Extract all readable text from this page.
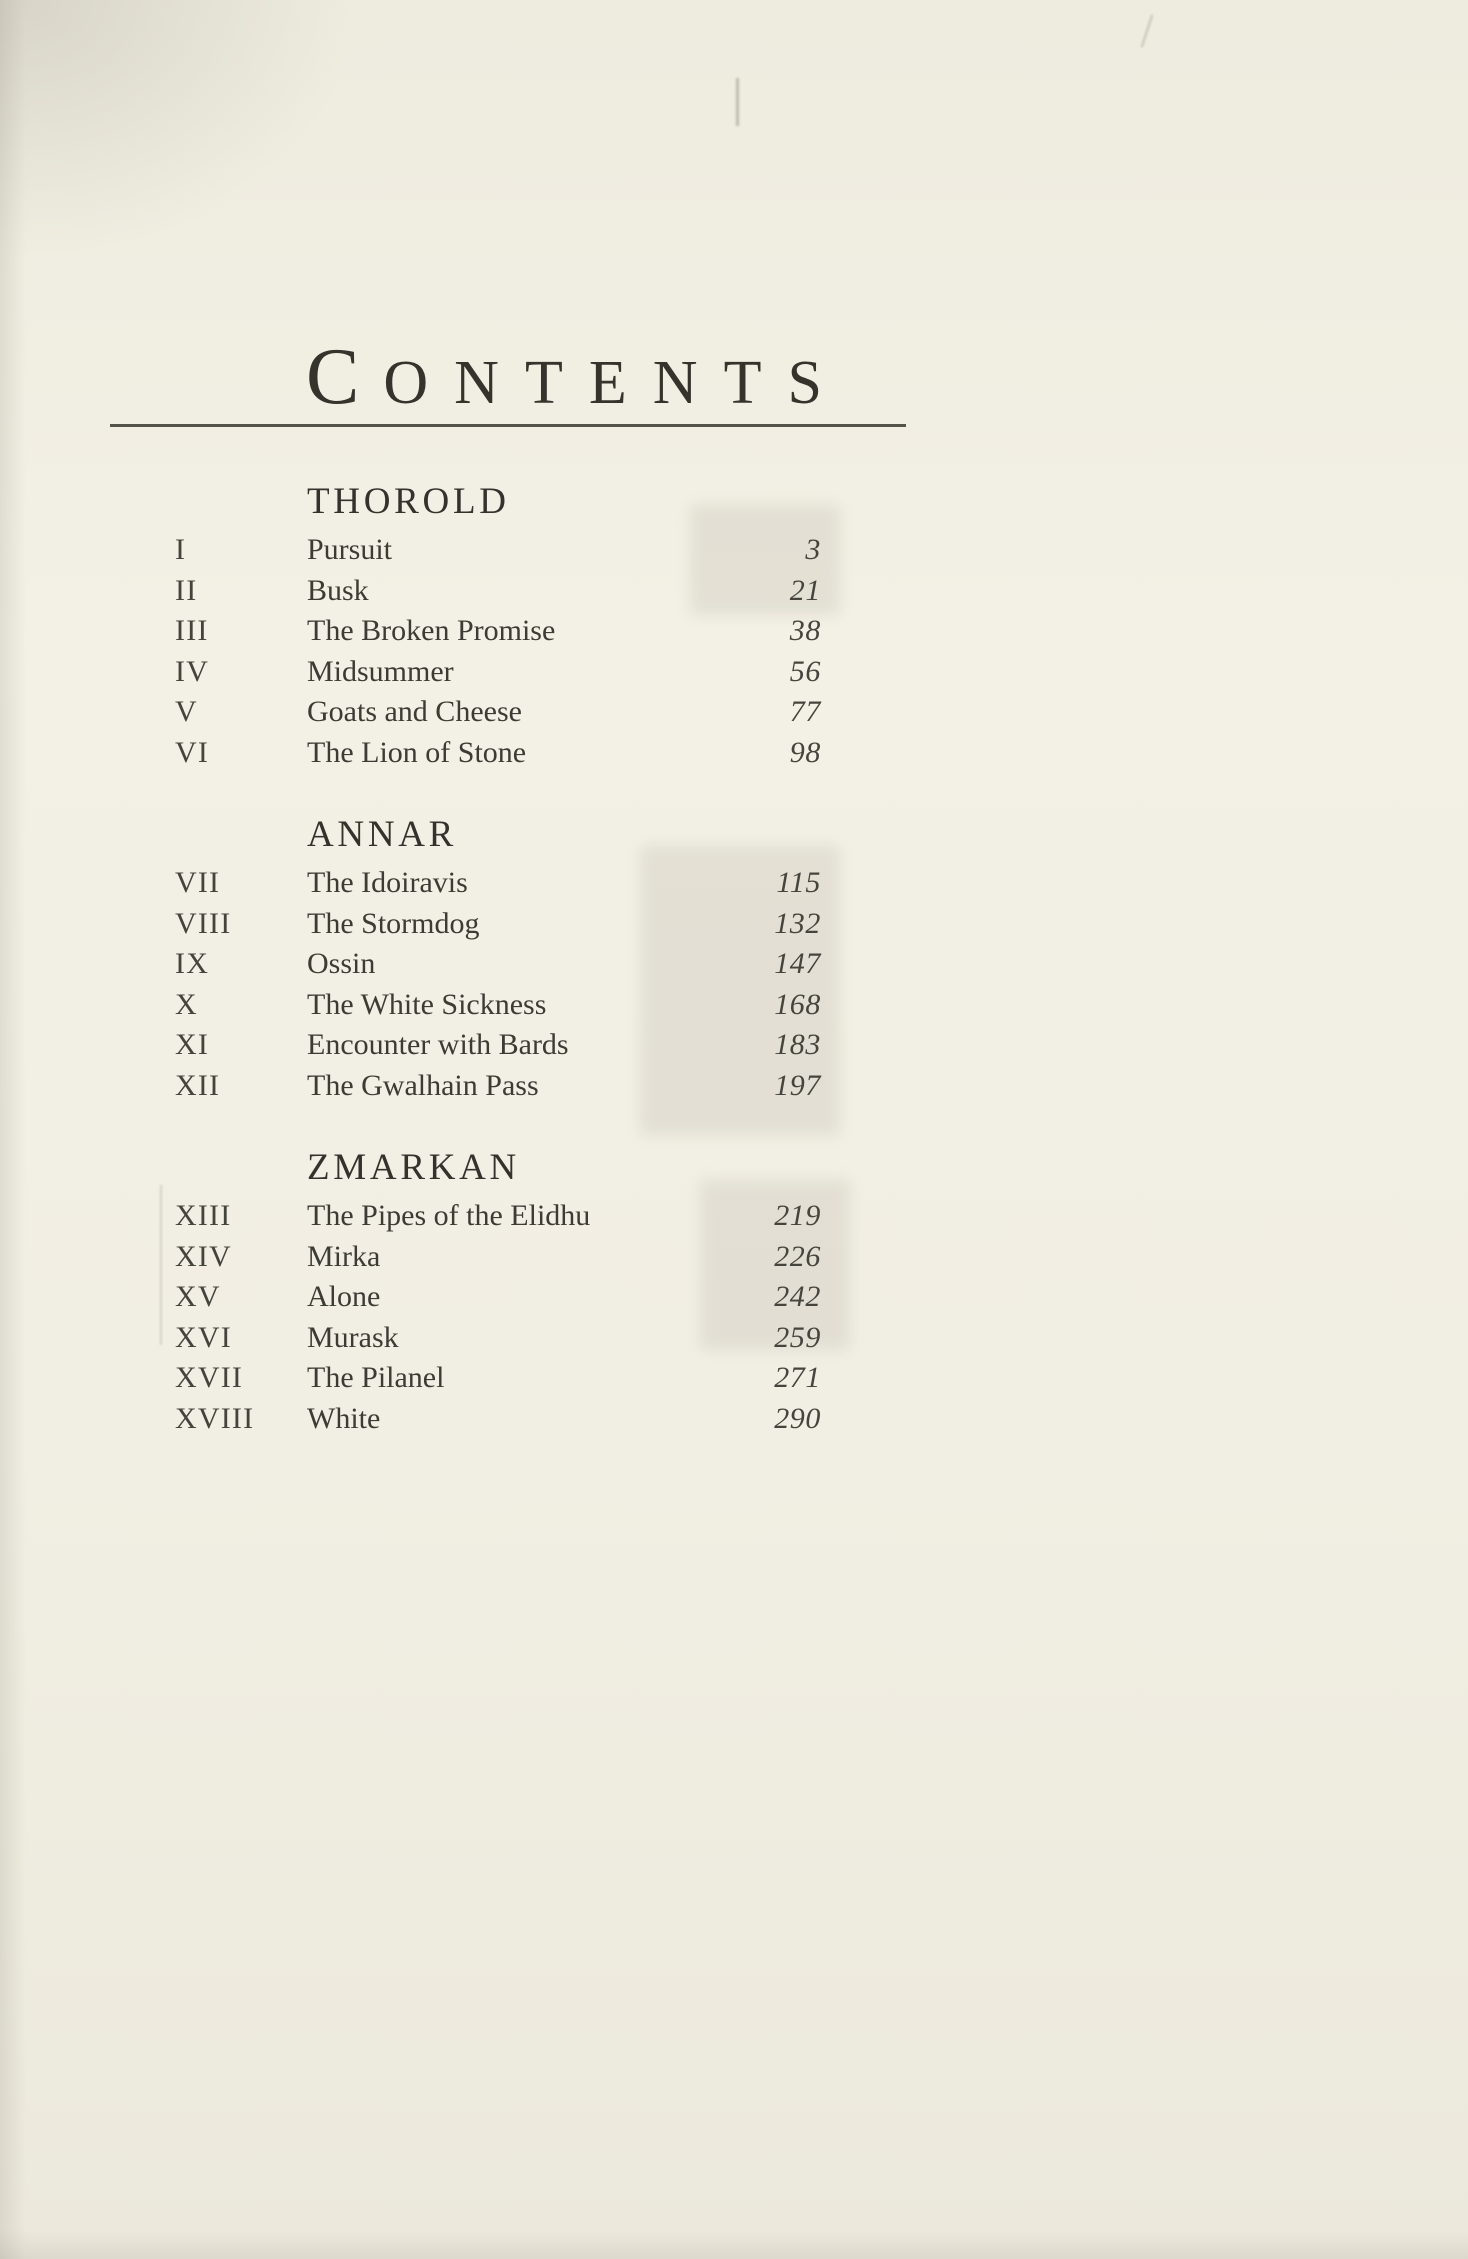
CONTENTS
THOROLD
I	Pursuit	3
II	Busk	21
III	The Broken Promise	38
IV	Midsummer	56
V	Goats and Cheese	77
VI	The Lion of Stone	98
ANNAR
VII	The Idoiravis	115
VIII	The Stormdog	132
IX	Ossin	147
X	The White Sickness	168
XI	Encounter with Bards	183
XII	The Gwalhain Pass	197
ZMARKAN
XIII	The Pipes of the Elidhu	219
XIV	Mirka	226
XV	Alone	242
XVI	Murask	259
XVII	The Pilanel	271
XVIII	White	290
